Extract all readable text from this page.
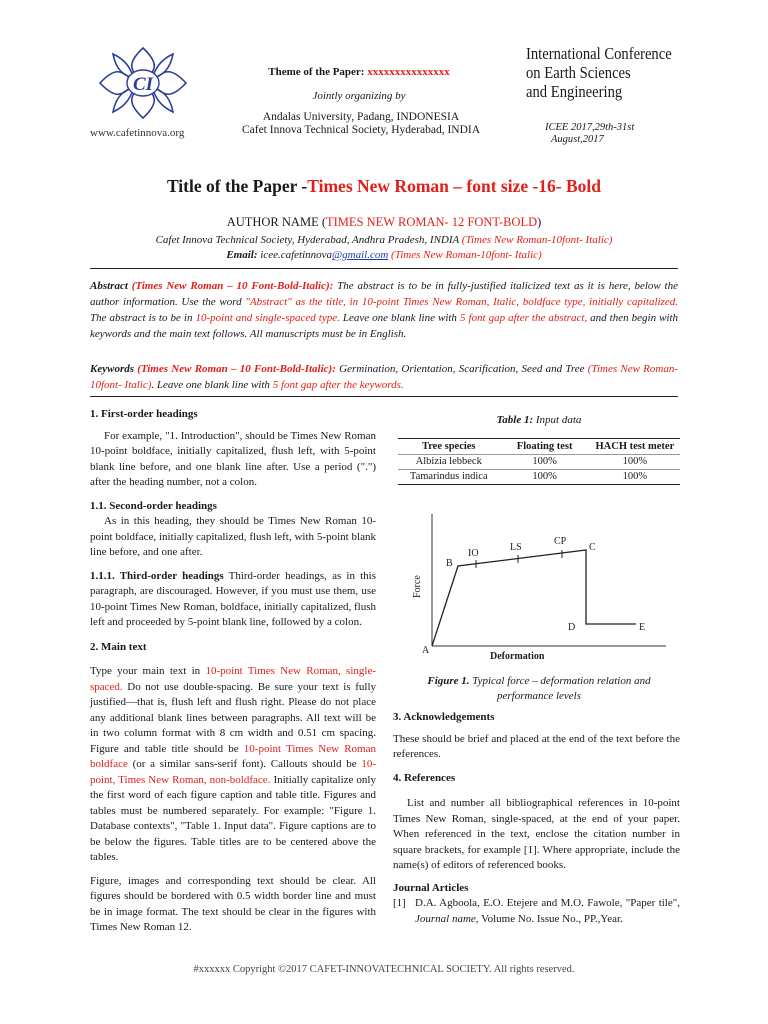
CI
www.cafetinnova.org
Theme of the Paper: xxxxxxxxxxxxxxx
Jointly organizing by
Andalas University, Padang, INDONESIA
Cafet Innova Technical Society, Hyderabad, INDIA
International Conference
on Earth Sciences
and Engineering
ICEE 2017,29th-31st
August,2017
Title of the Paper -Times New Roman – font size -16- Bold
AUTHOR NAME (TIMES NEW ROMAN- 12 FONT-BOLD)
Cafet Innova Technical Society, Hyderabad, Andhra Pradesh, INDIA (Times New Roman-10font- Italic)
Email: icee.cafetinnova@gmail.com (Times New Roman-10font- Italic)
Abstract (Times New Roman – 10 Font-Bold-Italic): The abstract is to be in fully-justified italicized text as it is here, below the author information. Use the word "Abstract" as the title, in 10-point Times New Roman, Italic, boldface type, initially capitalized. The abstract is to be in 10-point and single-spaced type. Leave one blank line with 5 font gap after the abstract, and then begin with keywords and the main text follows. All manuscripts must be in English.
Keywords (Times New Roman – 10 Font-Bold-Italic): Germination, Orientation, Scarification, Seed and Tree (Times New Roman-10font- Italic). Leave one blank line with 5 font gap after the keywords.
1. First-order headings
For example, "1. Introduction", should be Times New Roman 10-point boldface, initially capitalized, flush left, with 5-point blank line before, and one blank line after. Use a period (".") after the heading number, not a colon.
1.1. Second-order headings
As in this heading, they should be Times New Roman 10-point boldface, initially capitalized, flush left, with 5-point blank line before, and one after.
1.1.1. Third-order headings Third-order headings, as in this paragraph, are discouraged. However, if you must use them, use 10-point Times New Roman, boldface, initially capitalized, flush left and proceeded by 5-point blank line, followed by a colon.
2. Main text
Type your main text in 10-point Times New Roman, single-spaced. Do not use double-spacing. Be sure your text is fully justified—that is, flush left and flush right. Please do not place any additional blank lines between paragraphs. All text will be in two column format with 8 cm width and 0.51 cm spacing. Figure and table title should be 10-point Times New Roman boldface (or a similar sans-serif font). Callouts should be 10-point, Times New Roman, non-boldface. Initially capitalize only the first word of each figure caption and table title. Figures and tables must be numbered separately. For example: "Figure 1. Database contexts", "Table 1. Input data". Figure captions are to be below the figures. Table titles are to be centered above the tables.
Figure, images and corresponding text should be clear. All figures should be bordered with 0.5 width border line and must be in image format. The text should be clear in the figures with Times New Roman 12.
Table 1: Input data
Tree species	Floating test	HACH test meter
Albizia lebbeck	100%	100%
Tamarindus indica	100%	100%
A
B
IO
LS
CP
C
D	E
Deformation
Force
Figure 1. Typical force – deformation relation and performance levels
3. Acknowledgements
These should be brief and placed at the end of the text before the references.
4. References
List and number all bibliographical references in 10-point Times New Roman, single-spaced, at the end of your paper. When referenced in the text, enclose the citation number in square brackets, for example [1]. Where appropriate, include the name(s) of editors of referenced books.
Journal Articles
[1] D.A. Agboola, E.O. Etejere and M.O. Fawole, "Paper tile", Journal name, Volume No. Issue No., PP.,Year.
#xxxxxx Copyright ©2017 CAFET-INNOVATECHNICAL SOCIETY. All rights reserved.
